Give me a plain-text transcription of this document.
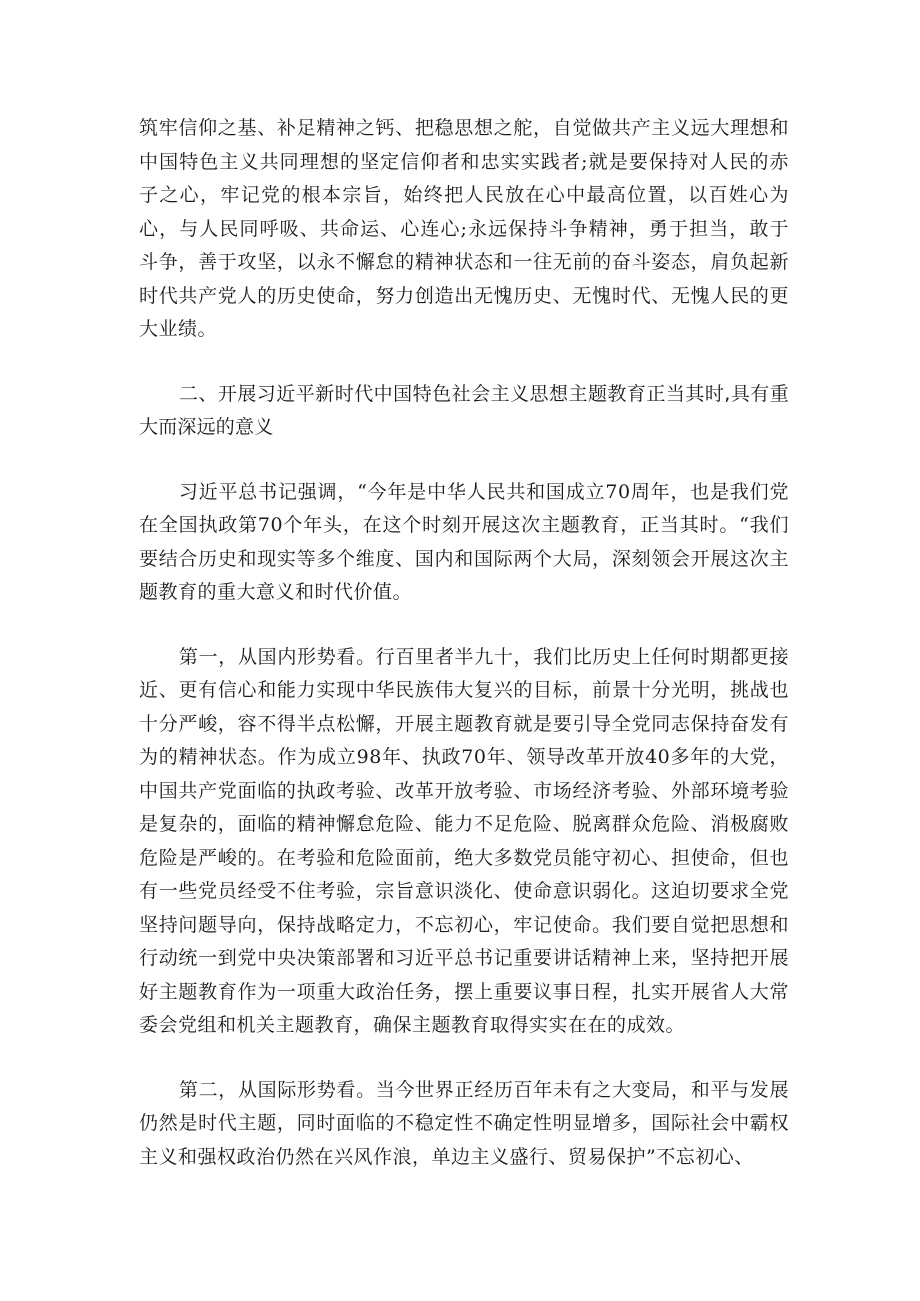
筑牢信仰之基、补足精神之钙、把稳思想之舵，自觉做共产主义远大理想和中国特色主义共同理想的坚定信仰者和忠实实践者;就是要保持对人民的赤子之心，牢记党的根本宗旨，始终把人民放在心中最高位置，以百姓心为心，与人民同呼吸、共命运、心连心;永远保持斗争精神，勇于担当，敢于斗争，善于攻坚，以永不懈怠的精神状态和一往无前的奋斗姿态，肩负起新时代共产党人的历史使命，努力创造出无愧历史、无愧时代、无愧人民的更大业绩。

二、开展习近平新时代中国特色社会主义思想主题教育正当其时,具有重大而深远的意义

习近平总书记强调，“今年是中华人民共和国成立70周年，也是我们党在全国执政第70个年头，在这个时刻开展这次主题教育，正当其时。“我们要结合历史和现实等多个维度、国内和国际两个大局，深刻领会开展这次主题教育的重大意义和时代价值。

第一，从国内形势看。行百里者半九十，我们比历史上任何时期都更接近、更有信心和能力实现中华民族伟大复兴的目标，前景十分光明，挑战也十分严峻，容不得半点松懈，开展主题教育就是要引导全党同志保持奋发有为的精神状态。作为成立98年、执政70年、领导改革开放40多年的大党，中国共产党面临的执政考验、改革开放考验、市场经济考验、外部环境考验是复杂的，面临的精神懈怠危险、能力不足危险、脱离群众危险、消极腐败危险是严峻的。在考验和危险面前，绝大多数党员能守初心、担使命，但也有一些党员经受不住考验，宗旨意识淡化、使命意识弱化。这迫切要求全党坚持问题导向，保持战略定力，不忘初心，牢记使命。我们要自觉把思想和行动统一到党中央决策部署和习近平总书记重要讲话精神上来，坚持把开展好主题教育作为一项重大政治任务，摆上重要议事日程，扎实开展省人大常委会党组和机关主题教育，确保主题教育取得实实在在的成效。

第二，从国际形势看。当今世界正经历百年未有之大变局，和平与发展仍然是时代主题，同时面临的不稳定性不确定性明显增多，国际社会中霸权主义和强权政治仍然在兴风作浪，单边主义盛行、贸易保护”不忘初心、
